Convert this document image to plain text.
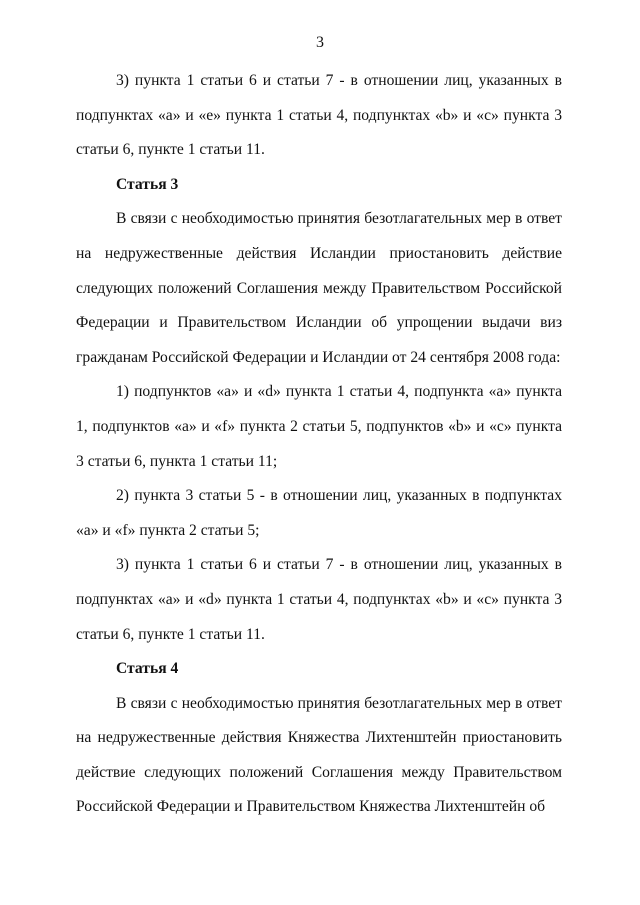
3

3) пункта 1 статьи 6 и статьи 7 - в отношении лиц, указанных в подпунктах «а» и «е» пункта 1 статьи 4, подпунктах «b» и «с» пункта 3 статьи 6, пункте 1 статьи 11.

Статья 3

В связи с необходимостью принятия безотлагательных мер в ответ на недружественные действия Исландии приостановить действие следующих положений Соглашения между Правительством Российской Федерации и Правительством Исландии об упрощении выдачи виз гражданам Российской Федерации и Исландии от 24 сентября 2008 года:

1) подпунктов «а» и «d» пункта 1 статьи 4, подпункта «а» пункта 1, подпунктов «а» и «f» пункта 2 статьи 5, подпунктов «b» и «с» пункта 3 статьи 6, пункта 1 статьи 11;

2) пункта 3 статьи 5 - в отношении лиц, указанных в подпунктах «а» и «f» пункта 2 статьи 5;

3) пункта 1 статьи 6 и статьи 7 - в отношении лиц, указанных в подпунктах «а» и «d» пункта 1 статьи 4, подпунктах «b» и «с» пункта 3 статьи 6, пункте 1 статьи 11.

Статья 4

В связи с необходимостью принятия безотлагательных мер в ответ на недружественные действия Княжества Лихтенштейн приостановить действие следующих положений Соглашения между Правительством Российской Федерации и Правительством Княжества Лихтенштейн об
